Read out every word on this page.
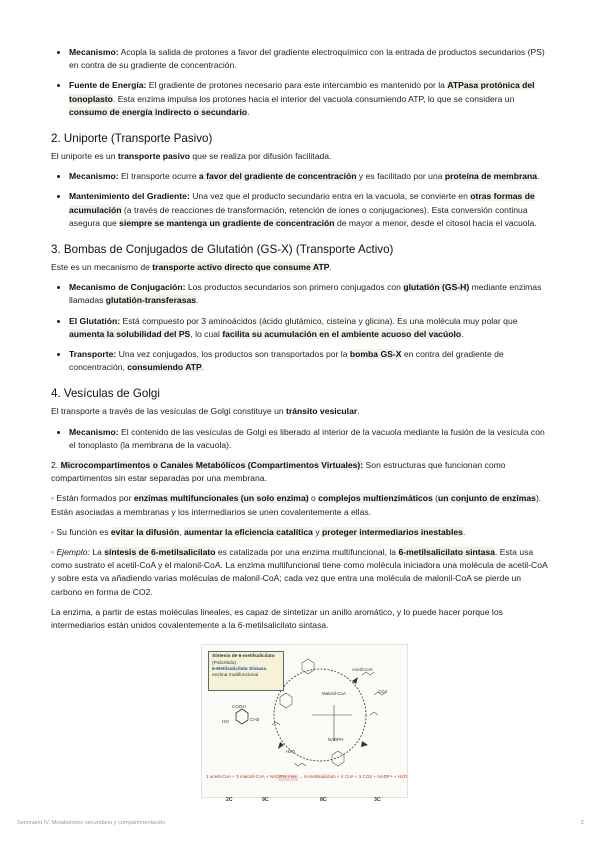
• Mecanismo: Acopla la salida de protones a favor del gradiente electroquímico con la entrada de productos secundarios (PS) en contra de su gradiente de concentración.
• Fuente de Energía: El gradiente de protones necesario para este intercambio es mantenido por la ATPasa protónica del tonoplasto. Esta enzima impulsa los protones hacia el interior del vacuola consumiendo ATP, lo que se considera un consumo de energía indirecto o secundario.
2. Uniporte (Transporte Pasivo)

El uniporte es un transporte pasivo que se realiza por difusión facilitada.

• Mecanismo: El transporte ocurre a favor del gradiente de concentración y es facilitado por una proteína de membrana.
• Mantenimiento del Gradiente: Una vez que el producto secundario entra en la vacuola, se convierte en otras formas de acumulación (a través de reacciones de transformación, retención de iones o conjugaciones). Esta conversión continua asegura que siempre se mantenga un gradiente de concentración de mayor a menor, desde el citosol hacia el vacuola.
3. Bombas de Conjugados de Glutatión (GS-X) (Transporte Activo)

Este es un mecanismo de transporte activo directo que consume ATP.

• Mecanismo de Conjugación: Los productos secundarios son primero conjugados con glutatión (GS-H) mediante enzimas llamadas glutatión-transferasas.
• El Glutatión: Está compuesto por 3 aminoácidos (ácido glutámico, cisteína y glicina). Es una molécula muy polar que aumenta la solubilidad del PS, lo cual facilita su acumulación en el ambiente acuoso del vacúolo.
• Transporte: Una vez conjugados, los productos son transportados por la bomba GS-X en contra del gradiente de concentración, consumiendo ATP.
4. Vesículas de Golgi

El transporte a través de las vesículas de Golgi constituye un tránsito vesicular.

• Mecanismo: El contenido de las vesículas de Golgi es liberado al interior de la vacuola mediante la fusión de la vesícula con el tonoplasto (la membrana de la vacuola).

2. Microcompartimentos o Canales Metabólicos (Compartimentos Virtuales): Son estructuras que funcionan como compartimentos sin estar separadas por una membrana.

◦ Están formados por enzimas multifuncionales (un solo enzima) o complejos multienzimáticos (un conjunto de enzimas). Están asociadas a membranas y los intermediarios se unen covalentemente a ellas.

◦ Su función es evitar la difusión, aumentar la eficiencia catalítica y proteger intermediarios inestables.

◦ Ejemplo: La síntesis de 6-metilsalicilato es catalizada por una enzima multifuncional, la 6-metilsalicilato sintasa. Esta usa como sustrato el acetil-CoA y el malonil-CoA. La enzima multifuncional tiene como molécula iniciadora una molécula de acetil-CoA y sobre esta va añadiendo varias moléculas de malonil-CoA; cada vez que entra una molécula de malonil-CoA se pierde un carbono en forma de CO2.

La enzima, a partir de estas moléculas lineales, es capaz de sintetizar un anillo aromático, y lo puede hacer porque los intermediarios están unidos covalentemente a la 6-metilsalicilato sintasa.

Síntesis de 6-metilsalicilato
(Policétido)
6-Metilsalicilato Sintasa
enzima multifuncional
COOH
CH3
HO
Malonil-CoA
NADPH
CO2
Acetil-CoA
H2O
1 acetil-CoA + 3 malonil-CoA + NADPH + H+ → 6-metilsalicilato + 4 CoA + 3 CO2 + NADP+ + H2O
2C	9C	8C	3C
Seminario IV. Metabolismo secundario y compartimentación	2
